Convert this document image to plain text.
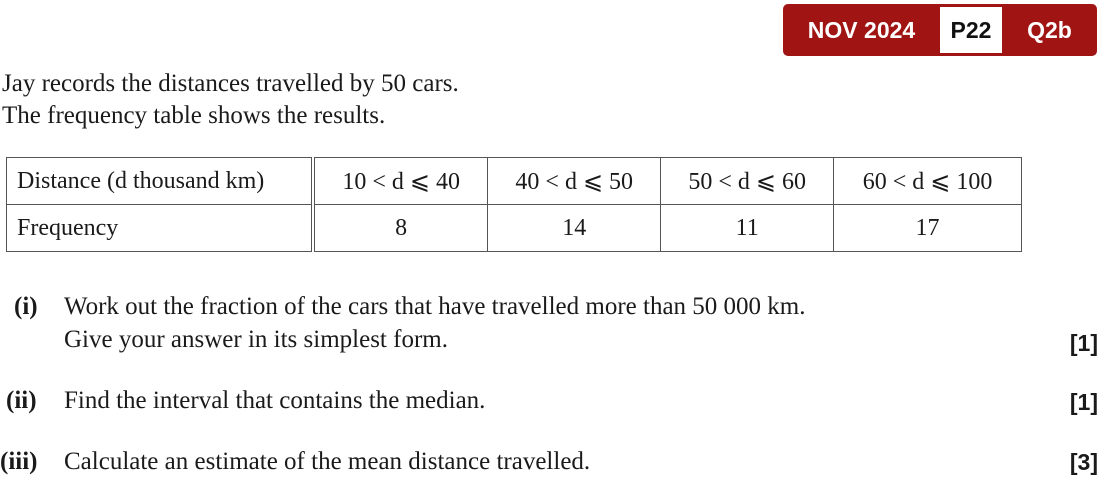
NOV 2024	P22	Q2b
Jay records the distances travelled by 50 cars.
The frequency table shows the results.
Distance (d thousand km)	10 < d ⩽ 40	40 < d ⩽ 50	50 < d ⩽ 60	60 < d ⩽ 100
Frequency	8	14	11	17
(i) Work out the fraction of the cars that have travelled more than 50 000 km.
Give your answer in its simplest form.	[1]
(ii) Find the interval that contains the median.	[1]
(iii) Calculate an estimate of the mean distance travelled.	[3]
